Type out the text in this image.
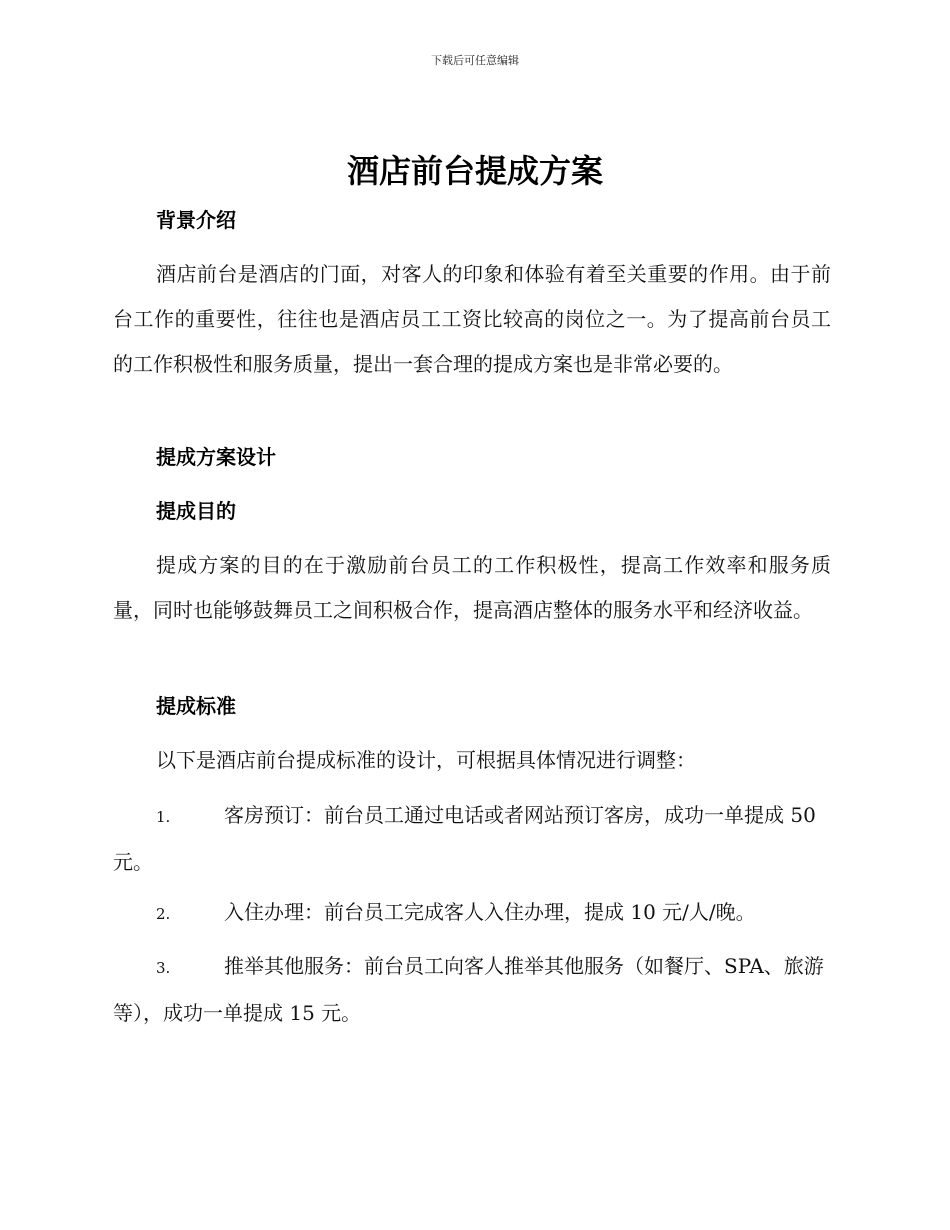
下载后可任意编辑
酒店前台提成方案
背景介绍

酒店前台是酒店的门面，对客人的印象和体验有着至关重要的作用。由于前台工作的重要性，往往也是酒店员工工资比较高的岗位之一。为了提高前台员工的工作积极性和服务质量，提出一套合理的提成方案也是非常必要的。

提成方案设计
提成目的

提成方案的目的在于激励前台员工的工作积极性，提高工作效率和服务质量，同时也能够鼓舞员工之间积极合作，提高酒店整体的服务水平和经济收益。

提成标准

以下是酒店前台提成标准的设计，可根据具体情况进行调整：

1.	客房预订：前台员工通过电话或者网站预订客房，成功一单提成 50 元。
2.	入住办理：前台员工完成客人入住办理，提成 10 元/人/晚。
3.	推举其他服务：前台员工向客人推举其他服务（如餐厅、SPA、旅游等），成功一单提成 15 元。
